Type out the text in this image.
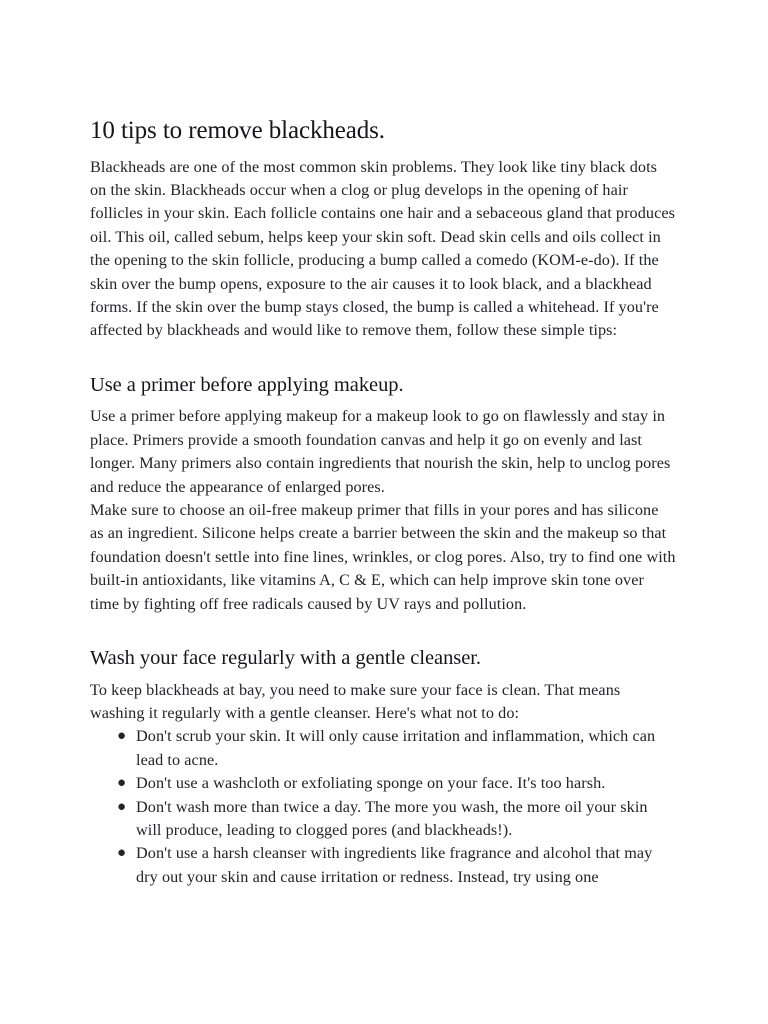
10 tips to remove blackheads.

Blackheads are one of the most common skin problems. They look like tiny black dots on the skin. Blackheads occur when a clog or plug develops in the opening of hair follicles in your skin. Each follicle contains one hair and a sebaceous gland that produces oil. This oil, called sebum, helps keep your skin soft. Dead skin cells and oils collect in the opening to the skin follicle, producing a bump called a comedo (KOM-e-do). If the skin over the bump opens, exposure to the air causes it to look black, and a blackhead forms. If the skin over the bump stays closed, the bump is called a whitehead. If you're affected by blackheads and would like to remove them, follow these simple tips:

Use a primer before applying makeup.

Use a primer before applying makeup for a makeup look to go on flawlessly and stay in place. Primers provide a smooth foundation canvas and help it go on evenly and last longer. Many primers also contain ingredients that nourish the skin, help to unclog pores and reduce the appearance of enlarged pores.

Make sure to choose an oil-free makeup primer that fills in your pores and has silicone as an ingredient. Silicone helps create a barrier between the skin and the makeup so that foundation doesn't settle into fine lines, wrinkles, or clog pores. Also, try to find one with built-in antioxidants, like vitamins A, C & E, which can help improve skin tone over time by fighting off free radicals caused by UV rays and pollution.

Wash your face regularly with a gentle cleanser.

To keep blackheads at bay, you need to make sure your face is clean. That means washing it regularly with a gentle cleanser. Here's what not to do:

● Don't scrub your skin. It will only cause irritation and inflammation, which can lead to acne.
● Don't use a washcloth or exfoliating sponge on your face. It's too harsh.
● Don't wash more than twice a day. The more you wash, the more oil your skin will produce, leading to clogged pores (and blackheads!).
● Don't use a harsh cleanser with ingredients like fragrance and alcohol that may dry out your skin and cause irritation or redness. Instead, try using one
